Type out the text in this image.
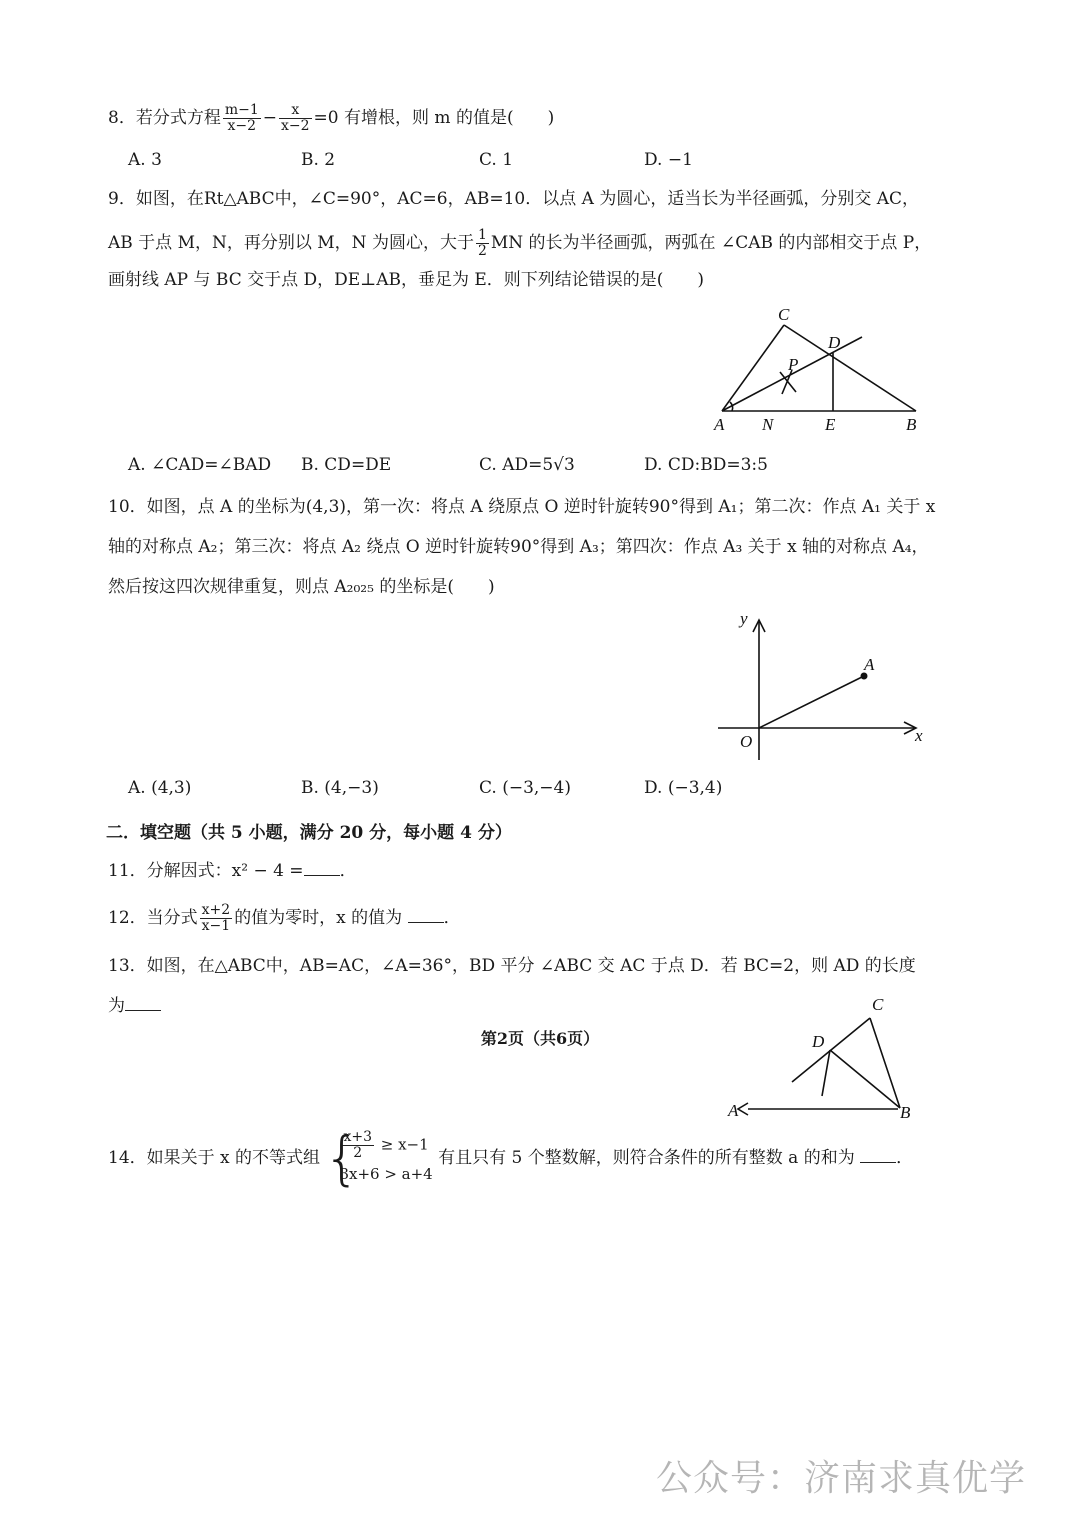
8．若分式方程 $\frac{m-1}{x-2} - \frac{x}{x-2} =0$ 有增根，则 m 的值是(　　)
A. 3	B. 2	C. 1	D. −1
9．如图，在Rt△ABC中，∠C=90°，AC=6，AB=10．以点 A 为圆心，适当长为半径画弧，分别交 AC，
AB 于点 M，N，再分别以 M，N 为圆心，大于 $\frac{1}{2}$ MN 的长为半径画弧，两弧在 ∠CAB 的内部相交于点 P，
画射线 AP 与 BC 交于点 D，DE⊥AB，垂足为 E．则下列结论错误的是(　　)
C
D
P
A N	E	B
A. ∠CAD=∠BAD	B. CD=DE	C. AD=5√3	D. CD:BD=3:5
10．如图，点 A 的坐标为(4,3)，第一次：将点 A 绕原点 O 逆时针旋转90°得到 A₁；第二次：作点 A₁ 关于 x
轴的对称点 A₂；第三次：将点 A₂ 绕点 O 逆时针旋转90°得到 A₃；第四次：作点 A₃ 关于 x 轴的对称点 A₄，
然后按这四次规律重复，则点 A₂₀₂₅ 的坐标是(　　)
y
x
O
A
A. (4,3)	B. (4,−3)	C. (−3,−4)	D. (−3,4)
二．填空题（共 5 小题，满分 20 分，每小题 4 分）
11．分解因式：x² − 4 = ．
12．当分式 $\frac{x+2}{x-1}$ 的值为零时，x 的值为 ．
13．如图，在△ABC中，AB=AC，∠A=36°，BD 平分 ∠ABC 交 AC 于点 D．若 BC=2，则 AD 的长度
为	C
D
A	B
14．如果关于 x 的不等式组
{ $\frac{x+3}{2} \ge x-1$
3x+6 > a+4
有且只有 5 个整数解，则符合条件的所有整数 a 的和为 ．
第2页（共6页）
公众号：济南求真优学
